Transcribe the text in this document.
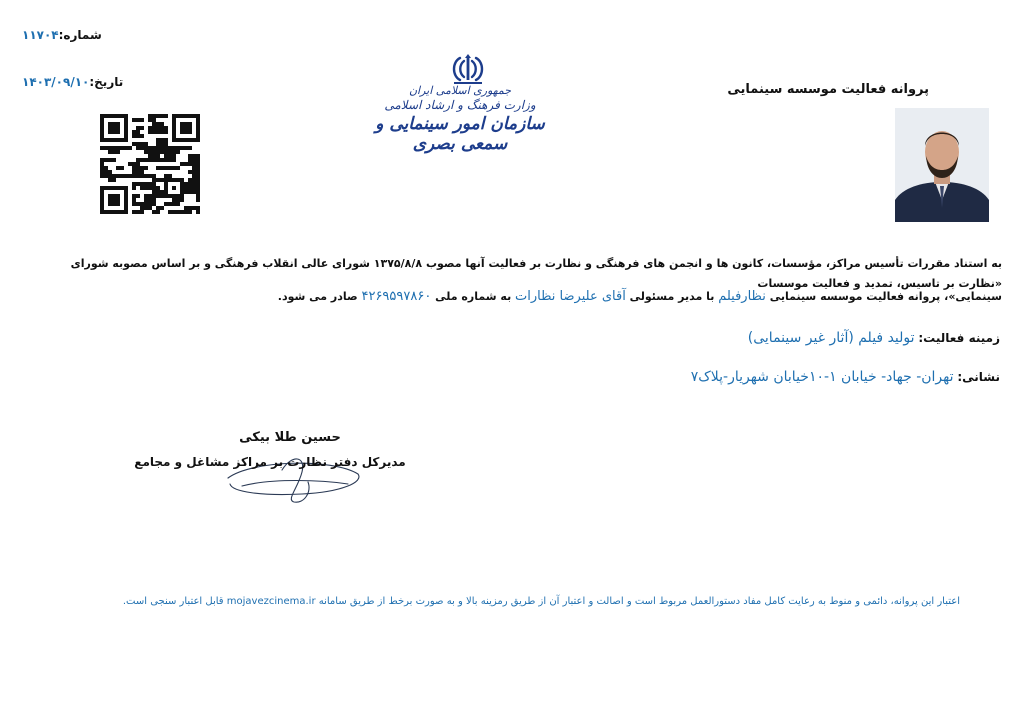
شماره:۱۱۷۰۴
تاریخ:۱۴۰۳/۰۹/۱۰
جمهوری اسلامی ایران
وزارت فرهنگ و ارشاد اسلامی
سازمان امور سینمایی و سمعی بصری
پروانه فعالیت موسسه سینمایی
به استناد مقررات تأسیس مراکز، مؤسسات، کانون ها و انجمن های فرهنگی و نظارت بر فعالیت آنها مصوب ۱۳۷۵/۸/۸ شورای عالی انقلاب فرهنگی و بر اساس مصوبه شورای «نظارت بر تاسیس، تمدید و فعالیت موسسات
سینمایی»، پروانه فعالیت موسسه سینمایی نظارفیلم با مدیر مسئولی آقای علیرضا نظارات به شماره ملی ۴۲۶۹۵۹۷۸۶۰ صادر می شود.
زمینه فعالیت: تولید فیلم (آثار غیر سینمایی)
نشانی: تهران- جهاد- خیابان ۱-۱۰خیابان شهریار-پلاک۷
حسین طلا بیکی
مدیرکل دفتر نظارت بر مراکز مشاغل و مجامع
اعتبار این پروانه، دائمی و منوط به رعایت کامل مفاد دستورالعمل مربوط است و اصالت و اعتبار آن از طریق رمزینه بالا و به صورت برخط از طریق سامانه mojavezcinema.ir قابل اعتبار سنجی است.
